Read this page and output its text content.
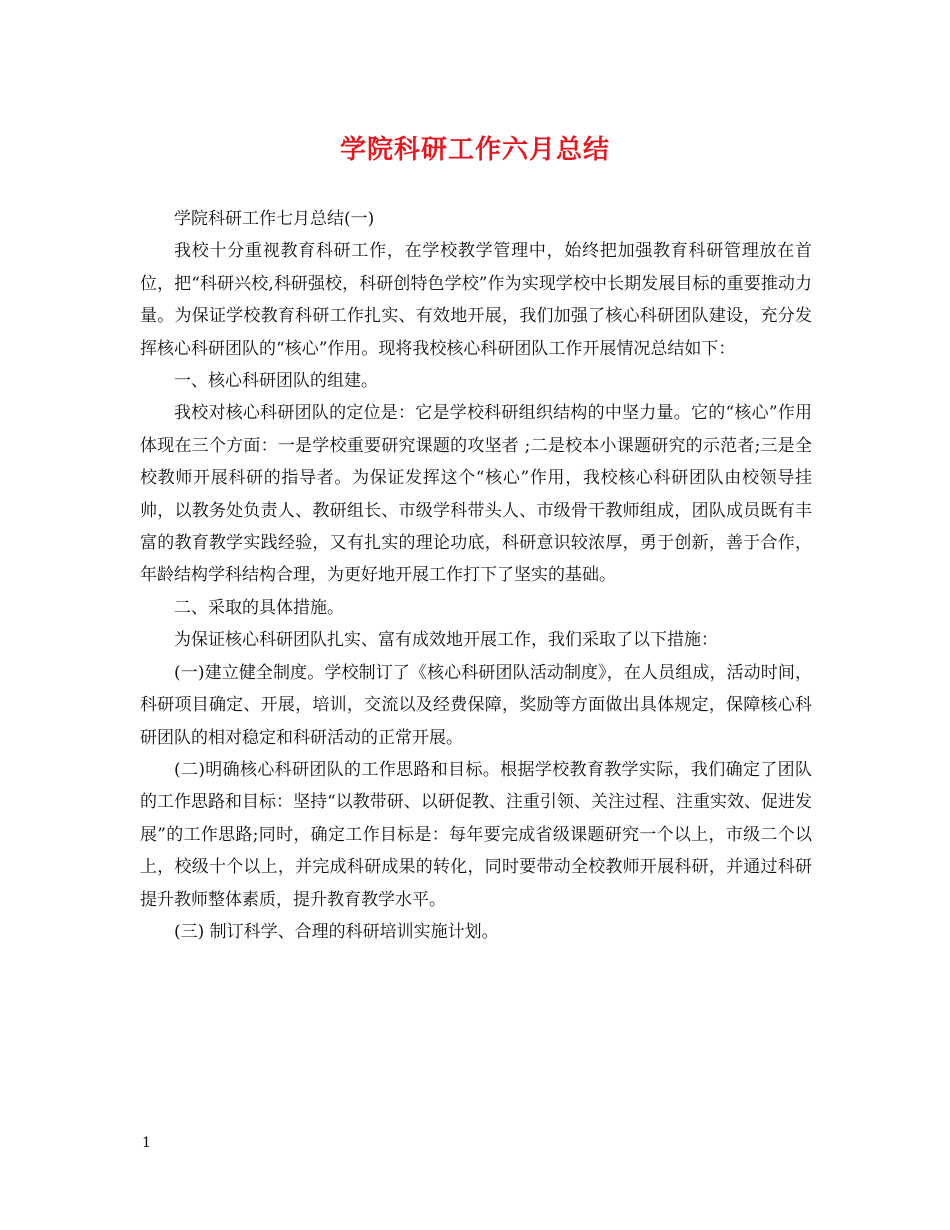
学院科研工作六月总结

学院科研工作七月总结(一)

我校十分重视教育科研工作，在学校教学管理中，始终把加强教育科研管理放在首位，把“科研兴校,科研强校，科研创特色学校”作为实现学校中长期发展目标的重要推动力量。为保证学校教育科研工作扎实、有效地开展，我们加强了核心科研团队建设，充分发挥核心科研团队的“核心”作用。现将我校核心科研团队工作开展情况总结如下：

一、核心科研团队的组建。

我校对核心科研团队的定位是：它是学校科研组织结构的中坚力量。它的“核心”作用体现在三个方面：一是学校重要研究课题的攻坚者 ;二是校本小课题研究的示范者;三是全校教师开展科研的指导者。为保证发挥这个“核心”作用，我校核心科研团队由校领导挂帅，以教务处负责人、教研组长、市级学科带头人、市级骨干教师组成，团队成员既有丰富的教育教学实践经验，又有扎实的理论功底，科研意识较浓厚，勇于创新，善于合作，年龄结构学科结构合理，为更好地开展工作打下了坚实的基础。

二、采取的具体措施。

为保证核心科研团队扎实、富有成效地开展工作，我们采取了以下措施：

(一)建立健全制度。学校制订了《核心科研团队活动制度》，在人员组成，活动时间，科研项目确定、开展，培训，交流以及经费保障，奖励等方面做出具体规定，保障核心科研团队的相对稳定和科研活动的正常开展。

(二)明确核心科研团队的工作思路和目标。根据学校教育教学实际，我们确定了团队的工作思路和目标：坚持“以教带研、以研促教、注重引领、关注过程、注重实效、促进发展”的工作思路;同时，确定工作目标是：每年要完成省级课题研究一个以上，市级二个以上，校级十个以上，并完成科研成果的转化，同时要带动全校教师开展科研，并通过科研提升教师整体素质，提升教育教学水平。

(三) 制订科学、合理的科研培训实施计划。

1
